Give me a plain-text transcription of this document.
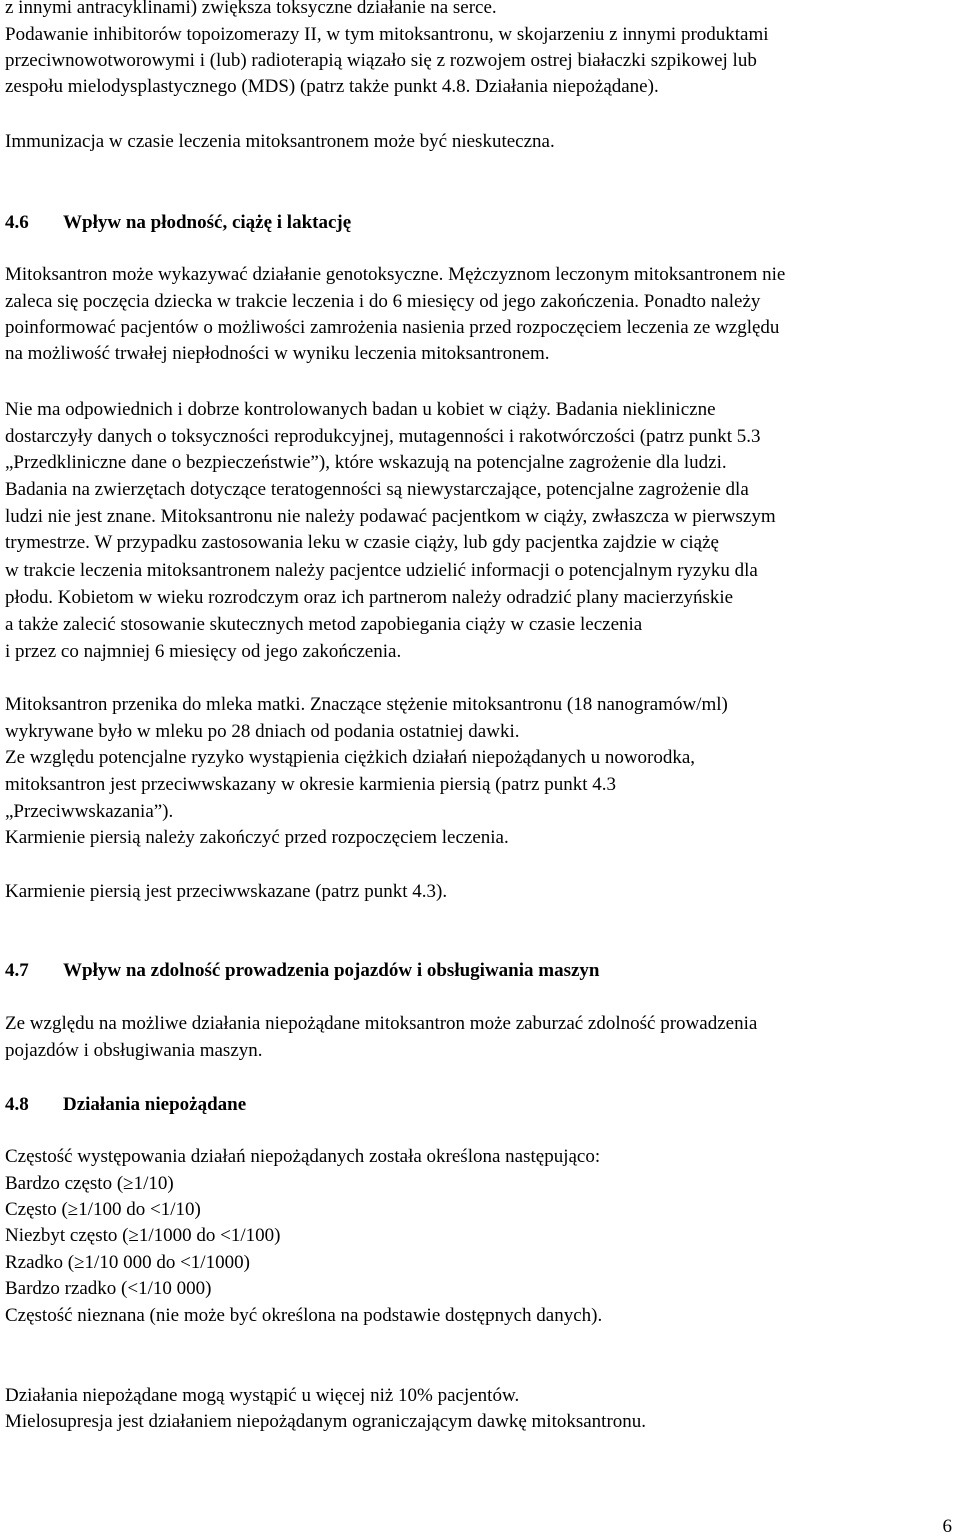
z innymi antracyklinami) zwiększa toksyczne działanie na serce.
Podawanie inhibitorów topoizomerazy II, w tym mitoksantronu, w skojarzeniu z innymi produktami
przeciwnowotworowymi i (lub) radioterapią wiązało się z rozwojem ostrej białaczki szpikowej lub
zespołu mielodysplastycznego (MDS) (patrz także punkt 4.8. Działania niepożądane).
Immunizacja w czasie leczenia mitoksantronem może być nieskuteczna.
4.6 Wpływ na płodność, ciążę i laktację
Mitoksantron może wykazywać działanie genotoksyczne. Mężczyznom leczonym mitoksantronem nie
zaleca się poczęcia dziecka w trakcie leczenia i do 6 miesięcy od jego zakończenia. Ponadto należy
poinformować pacjentów o możliwości zamrożenia nasienia przed rozpoczęciem leczenia ze względu
na możliwość trwałej niepłodności w wyniku leczenia mitoksantronem.
Nie ma odpowiednich i dobrze kontrolowanych badan u kobiet w ciąży. Badania niekliniczne
dostarczyły danych o toksyczności reprodukcyjnej, mutagenności i rakotwórczości (patrz punkt 5.3
„Przedkliniczne dane o bezpieczeństwie”), które wskazują na potencjalne zagrożenie dla ludzi.
Badania na zwierzętach dotyczące teratogenności są niewystarczające, potencjalne zagrożenie dla
ludzi nie jest znane. Mitoksantronu nie należy podawać pacjentkom w ciąży, zwłaszcza w pierwszym
trymestrze. W przypadku zastosowania leku w czasie ciąży, lub gdy pacjentka zajdzie w ciążę
w trakcie leczenia mitoksantronem należy pacjentce udzielić informacji o potencjalnym ryzyku dla
płodu. Kobietom w wieku rozrodczym oraz ich partnerom należy odradzić plany macierzyńskie
a także zalecić stosowanie skutecznych metod zapobiegania ciąży w czasie leczenia
i przez co najmniej 6 miesięcy od jego zakończenia.
Mitoksantron przenika do mleka matki. Znaczące stężenie mitoksantronu (18 nanogramów/ml)
wykrywane było w mleku po 28 dniach od podania ostatniej dawki.
Ze względu potencjalne ryzyko wystąpienia ciężkich działań niepożądanych u noworodka,
mitoksantron jest przeciwwskazany w okresie karmienia piersią (patrz punkt 4.3
„Przeciwwskazania”).
Karmienie piersią należy zakończyć przed rozpoczęciem leczenia.
Karmienie piersią jest przeciwwskazane (patrz punkt 4.3).
4.7 Wpływ na zdolność prowadzenia pojazdów i obsługiwania maszyn
Ze względu na możliwe działania niepożądane mitoksantron może zaburzać zdolność prowadzenia
pojazdów i obsługiwania maszyn.
4.8 Działania niepożądane
Częstość występowania działań niepożądanych została określona następująco:
Bardzo często (≥1/10)
Często (≥1/100 do <1/10)
Niezbyt często (≥1/1000 do <1/100)
Rzadko (≥1/10 000 do <1/1000)
Bardzo rzadko (<1/10 000)
Częstość nieznana (nie może być określona na podstawie dostępnych danych).
Działania niepożądane mogą wystąpić u więcej niż 10% pacjentów.
Mielosupresja jest działaniem niepożądanym ograniczającym dawkę mitoksantronu.
6
